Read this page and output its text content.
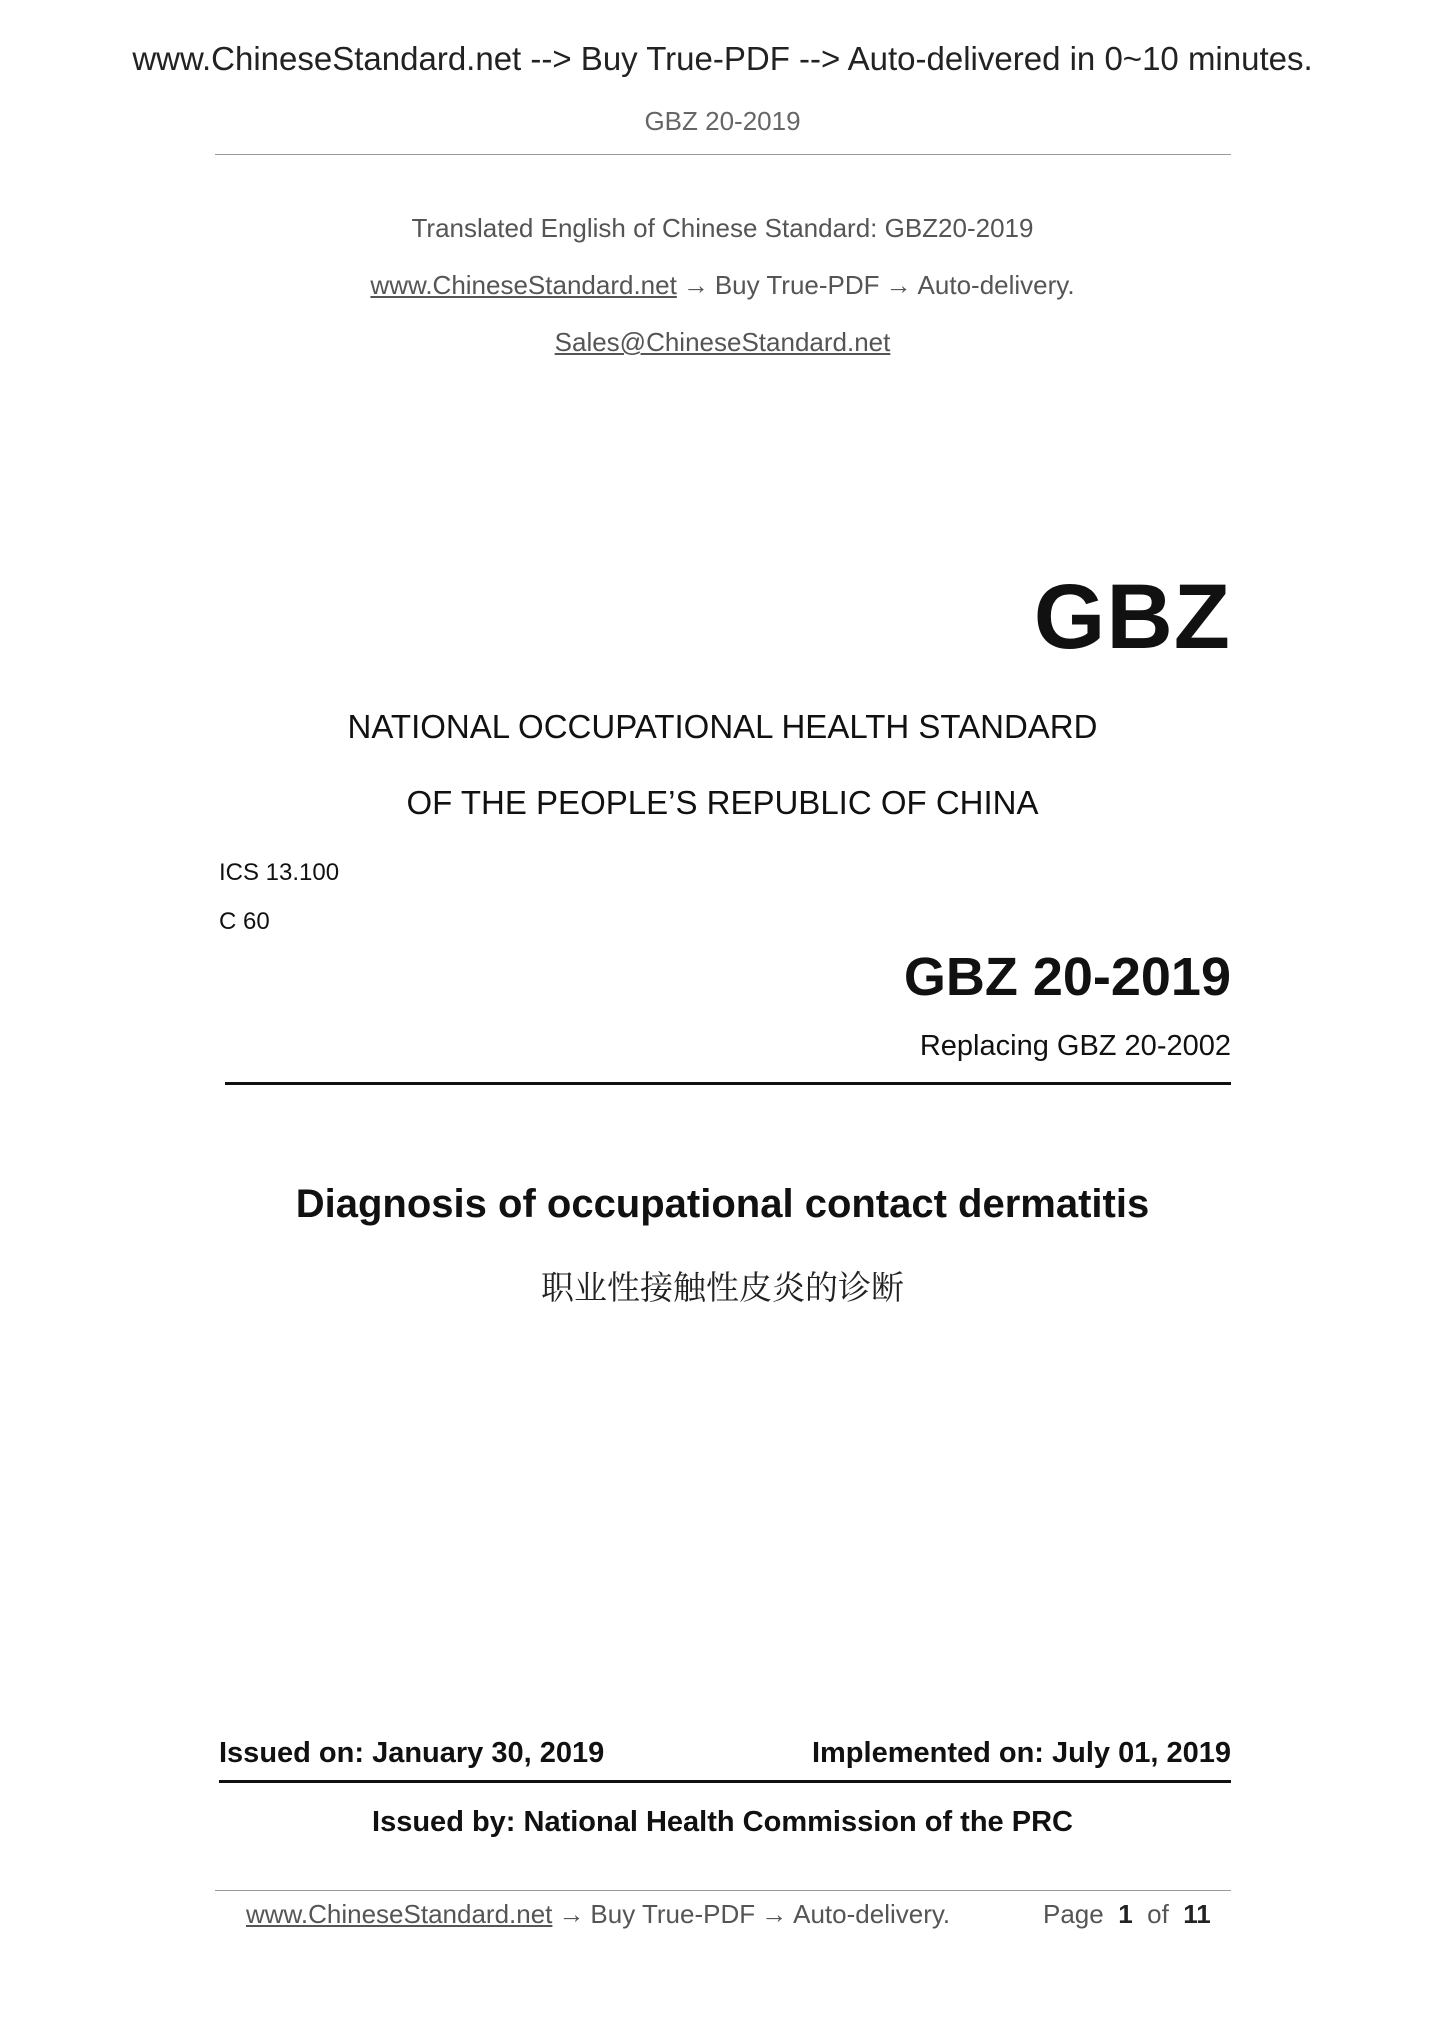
www.ChineseStandard.net --> Buy True-PDF --> Auto-delivered in 0~10 minutes.
GBZ 20-2019
Translated English of Chinese Standard: GBZ20-2019
www.ChineseStandard.net → Buy True-PDF → Auto-delivery.
Sales@ChineseStandard.net
GBZ
NATIONAL OCCUPATIONAL HEALTH STANDARD
OF THE PEOPLE’S REPUBLIC OF CHINA
ICS 13.100
C 60
GBZ 20-2019
Replacing GBZ 20-2002
Diagnosis of occupational contact dermatitis
职业性接触性皮炎的诊断
Issued on: January 30, 2019	Implemented on: July 01, 2019
Issued by: National Health Commission of the PRC
www.ChineseStandard.net → Buy True-PDF → Auto-delivery.	Page 1 of 11
